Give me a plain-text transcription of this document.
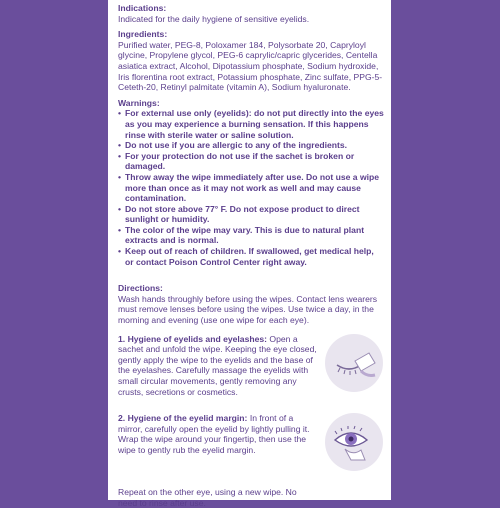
Indications:

Indicated for the daily hygiene of sensitive eyelids.

Ingredients:

Purified water, PEG-8, Poloxamer 184, Polysorbate 20, Capryloyl glycine, Propylene glycol, PEG-6 caprylic/capric glycerides, Centella asiatica extract, Alcohol, Dipotassium phosphate, Sodium hydroxide, Iris florentina root extract, Potassium phosphate, Zinc sulfate, PPG-5-Ceteth-20, Retinyl palmitate (vitamin A), Sodium hyaluronate.

Warnings:

• For external use only (eyelids): do not put directly into the eyes as you may experience a burning sensation. If this happens rinse with sterile water or saline solution.
• Do not use if you are allergic to any of the ingredients.
• For your protection do not use if the sachet is broken or damaged.
• Throw away the wipe immediately after use. Do not use a wipe more than once as it may not work as well and may cause contamination.
• Do not store above 77° F. Do not expose product to direct sunlight or humidity.
• The color of the wipe may vary. This is due to natural plant extracts and is normal.
• Keep out of reach of children. If swallowed, get medical help, or contact Poison Control Center right away.

Directions:

Wash hands throughly before using the wipes. Contact lens wearers must remove lenses before using the wipes. Use twice a day, in the morning and evening (use one wipe for each eye).

1. Hygiene of eyelids and eyelashes: Open a sachet and unfold the wipe. Keeping the eye closed, gently apply the wipe to the eyelids and the base of the eyelashes. Carefully massage the eyelids with small circular movements, gently removing any crusts, secretions or cosmetics.
2. Hygiene of the eyelid margin: In front of a mirror, carefully open the eyelid by lightly pulling it. Wrap the wipe around your fingertip, then use the wipe to gently rub the eyelid margin.

Repeat on the other eye, using a new wipe. No need to rinse after use.
